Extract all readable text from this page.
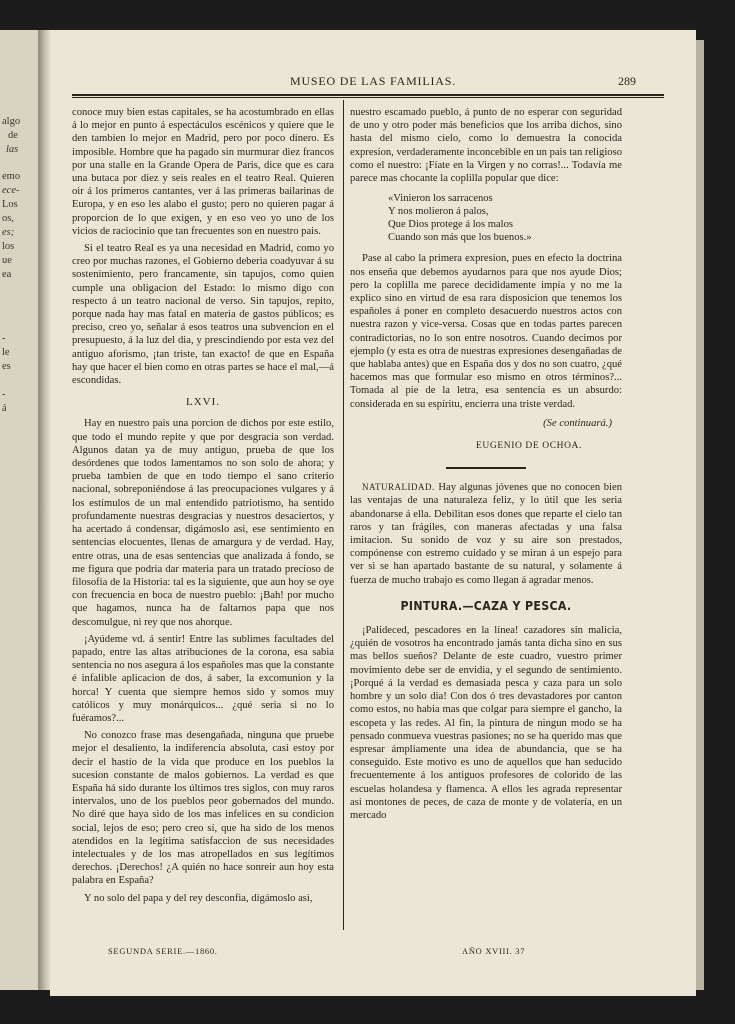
algo
de
las
emo
ece-
Los
os,
es;
los
ue
ea
-
le
es
-
á
MUSEO DE LAS FAMILIAS.	289

conoce muy bien estas capitales, se ha acostumbrado en ellas á lo mejor en punto á espectáculos escénicos y quiere que le den tambien lo mejor en Madrid, pero por poco dinero. Es imposible. Hombre que ha pagado sin murmurar diez francos por una stalle en la Grande Opera de Paris, dice que es cara una butaca por diez y seis reales en el teatro Real. Quieren oir á los primeros cantantes, ver á las primeras bailarinas de Europa, y en eso les alabo el gusto; pero no quieren pagar á proporcion de lo que exigen, y en eso veo yo uno de los vicios de raciocinio que tan frecuentes son en nuestro pais.

Si el teatro Real es ya una necesidad en Madrid, como yo creo por muchas razones, el Gobierno deberia coadyuvar á su sostenimiento, pero francamente, sin tapujos, como quien cumple una obligacion del Estado: lo mismo digo con respecto á un teatro nacional de verso. Sin tapujos, repito, porque nada hay mas fatal en materia de gastos públicos; es preciso, creo yo, señalar á esos teatros una subvencion en el presupuesto, á la luz del dia, y prescindiendo por esta vez del antiguo aforismo, ¡tan triste, tan exacto! de que en España hay que hacer el bien como en otras partes se hace el mal,—á escondidas.

LXVI.

Hay en nuestro pais una porcion de dichos por este estilo, que todo el mundo repite y que por desgracia son verdad. Algunos datan ya de muy antiguo, prueba de que los desórdenes que todos lamentamos no son solo de ahora; y prueba tambien de que en todo tiempo el sano criterio nacional, sobreponiéndose á las preocupaciones vulgares y á los estímulos de un mal entendido patriotismo, ha sentido profundamente nuestras desgracias y nuestros desaciertos, y ha acertado á condensar, digámoslo asi, ese sentimiento en sentencias elocuentes, llenas de amargura y de verdad. Hay, entre otras, una de esas sentencias que analizada á fondo, se me figura que podria dar materia para un tratado precioso de filosofía de la Historia: tal es la siguiente, que aun hoy se oye con frecuencia en boca de nuestro pueblo: ¡Bah! por mucho que hagamos, nunca ha de faltarnos papa que nos descomulgue, ni rey que nos ahorque.

¡Ayúdeme vd. á sentir! Entre las sublimes facultades del papado, entre las altas atribuciones de la corona, esa sabia sentencia no nos asegura á los españoles mas que la constante é infalible aplicacion de dos, á saber, la excomunion y la horca! Y cuenta que siempre hemos sido y somos muy católicos y muy monárquicos... ¿qué seria si no lo fuéramos?...

No conozco frase mas desengañada, ninguna que pruebe mejor el desaliento, la indiferencia absoluta, casi estoy por decir el hastío de la vida que produce en los pueblos la sucesion constante de malos gobiernos. La verdad es que España há sido durante los últimos tres siglos, con muy raros intervalos, uno de los pueblos peor gobernados del mundo. No diré que haya sido de los mas infelices en su condicion social, lejos de eso; pero creo sí, que ha sido de los menos atendidos en la legítima satisfaccion de sus necesidades intelectuales y de los mas atropellados en sus legítimos derechos. ¡Derechos! ¿A quién no hace sonreir aun hoy esta palabra en España?

Y no solo del papa y del rey desconfia, digámoslo asi,

nuestro escamado pueblo, á punto de no esperar con seguridad de uno y otro poder más beneficios que los arriba dichos, sino hasta del mismo cielo, como lo demuestra la conocida expresion, verdaderamente inconcebible en un pais tan religioso como el nuestro: ¡Fíate en la Virgen y no corras!... Todavía me parece mas chocante la coplilla popular que dice:

«Vinieron los sarracenos
Y nos molieron á palos,
Que Dios protege á los malos
Cuando son más que los buenos.»

Pase al cabo la primera expresion, pues en efecto la doctrina nos enseña que debemos ayudarnos para que nos ayude Dios; pero la coplilla me parece decididamente impía y no me la explico sino en virtud de esa rara disposicion que tenemos los españoles á poner en completo desacuerdo nuestros actos con nuestra razon y vice-versa. Cosas que en todas partes parecen contradictorias, no lo son entre nosotros. Cuando decimos por ejemplo (y esta es otra de nuestras expresiones desengañadas de que hablaba antes) que en España dos y dos no son cuatro, ¿qué hacemos mas que formular eso mismo en otros términos?... Tomada al pie de la letra, esa sentencia es un absurdo: considerada en su espíritu, encierra una triste verdad.

(Se continuará.)
EUGENIO DE OCHOA.

NATURALIDAD. Hay algunas jóvenes que no conocen bien las ventajas de una naturaleza feliz, y lo útil que les seria abandonarse á ella. Debilitan esos dones que reparte el cielo tan raros y tan frágiles, con maneras afectadas y una falsa imitacion. Su sonido de voz y su aire son prestados, compónense con estremo cuidado y se miran á un espejo para ver si se han apartado bastante de su natural, y solamente á fuerza de mucho trabajo es como llegan á agradar menos.

PINTURA.—CAZA Y PESCA.

¡Palideced, pescadores en la línea! cazadores sin malicia, ¿quién de vosotros ha encontrado jamás tanta dicha sino en sus mas bellos sueños? Delante de este cuadro, vuestro primer movimiento debe ser de envidia, y el segundo de sentimiento. ¡Porqué á la verdad es demasiada pesca y caza para un solo hombre y un solo dia! Con dos ó tres devastadores por canton como estos, no habia mas que colgar para siempre el gancho, la escopeta y las redes. Al fin, la pintura de ningun modo se ha pensado conmueva vuestras pasiones; no se ha querido mas que espresar ámpliamente una idea de abundancia, que se ha conseguido. Este motivo es uno de aquellos que han seducido frecuentemente á los antiguos profesores de colorido de las escuelas holandesa y flamenca. A ellos les agrada representar asi montones de peces, de caza de monte y de volatería, en un mercado

SEGUNDA SERIE.—1860.	AÑO XVIII. 37
